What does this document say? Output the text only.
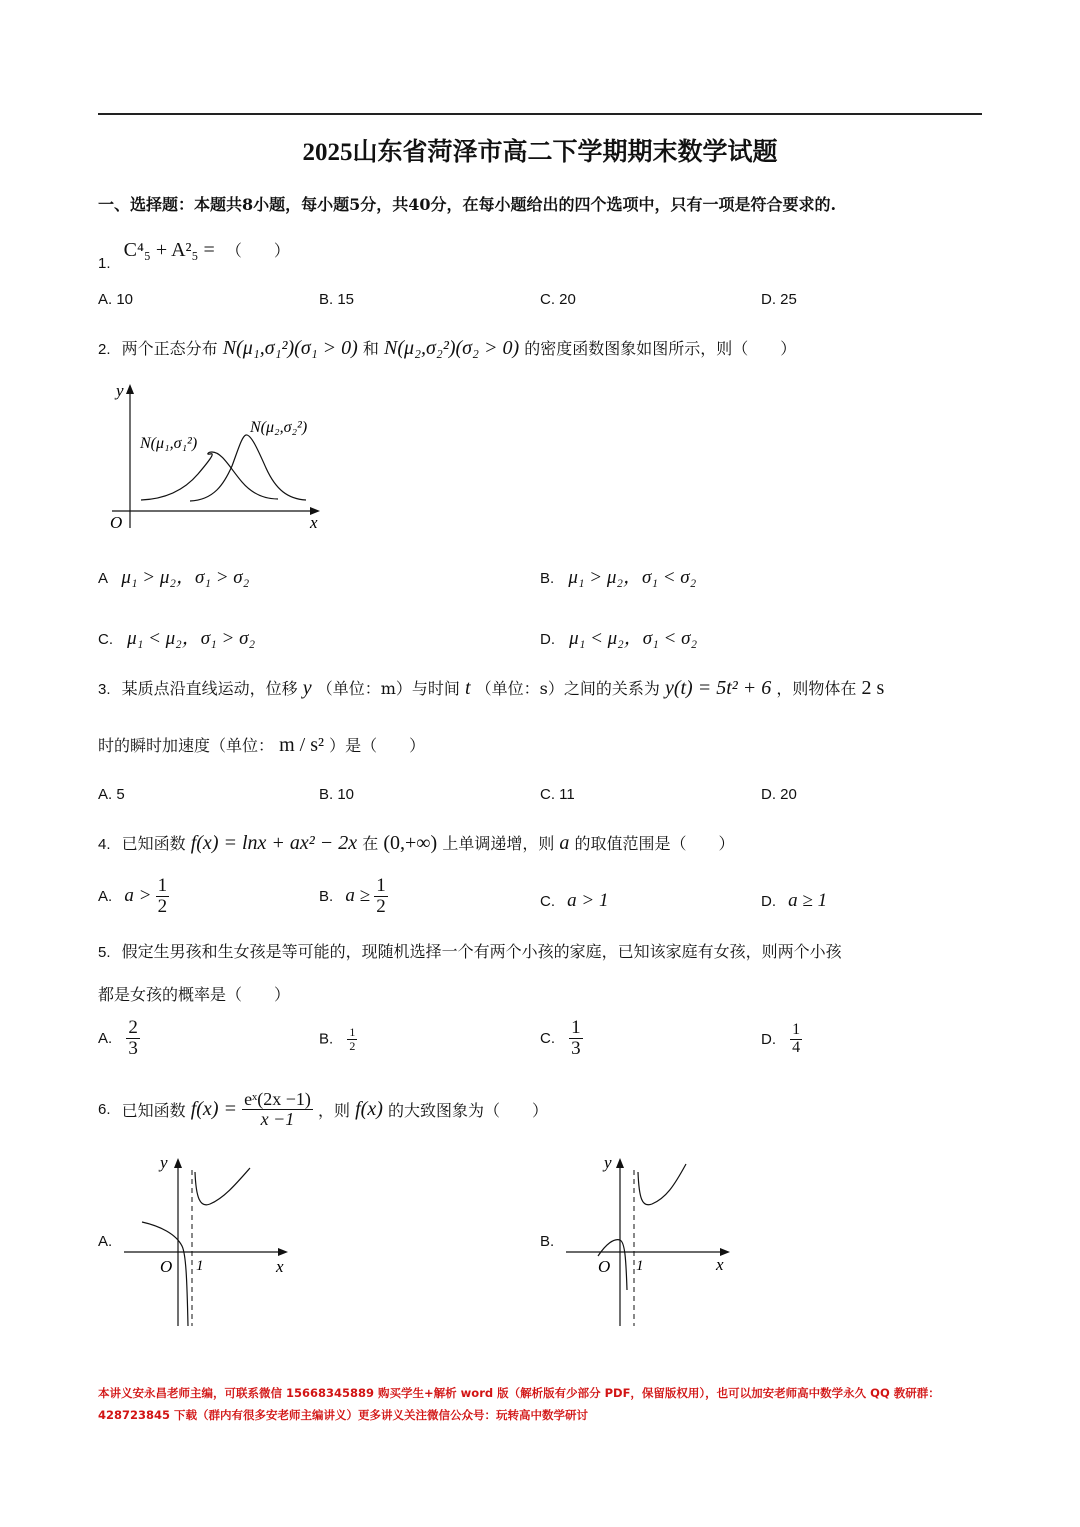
2025山东省菏泽市高二下学期期末数学试题
一、选择题：本题共8小题，每小题5分，共40分，在每小题给出的四个选项中，只有一项是符合要求的.
1. C⁴₅ + A²₅ = （　　）
A. 10	B. 15	C. 20	D. 25
2. 两个正态分布 N(μ₁,σ₁²)(σ₁ > 0) 和 N(μ₂,σ₂²)(σ₂ > 0) 的密度函数图象如图所示，则（　　）
y
x
O
N(μ₁,σ₁²)
N(μ₂,σ₂²)
A μ₁ > μ₂，σ₁ > σ₂	B. μ₁ > μ₂，σ₁ < σ₂
C. μ₁ < μ₂，σ₁ > σ₂	D. μ₁ < μ₂，σ₁ < σ₂
3. 某质点沿直线运动，位移 y （单位：m）与时间 t （单位：s）之间的关系为 y(t) = 5t² + 6 ，则物体在 2 s
时的瞬时加速度（单位： m / s² ）是（　　）
A. 5	B. 10	C. 11	D. 20
4. 已知函数 f(x) = lnx + ax² − 2x 在 (0,+∞) 上单调递增，则 a 的取值范围是（　　）
A. $a > \frac{1}{2}$	B. $a \ge \frac{1}{2}$	C. a > 1	D. a ≥ 1
5. 假定生男孩和生女孩是等可能的，现随机选择一个有两个小孩的家庭，已知该家庭有女孩，则两个小孩
都是女孩的概率是（　　）
A. $\frac{2}{3}$	B. $\frac{1}{2}$	C. $\frac{1}{3}$	D. $\frac{1}{4}$
6. 已知函数 $f(x) = \frac{\text{eˣ(2x −1)}}{x -1}$ ，则 f(x) 的大致图象为（　　）
A.
y
x
O 1
B.
y
x
O 1
本讲义安永昌老师主编，可联系微信 15668345889 购买学生+解析 word 版（解析版有少部分 PDF，保留版权用），也可以加安老师高中数学永久 QQ 教研群：428723845 下载（群内有很多安老师主编讲义）更多讲义关注微信公众号：玩转高中数学研讨
